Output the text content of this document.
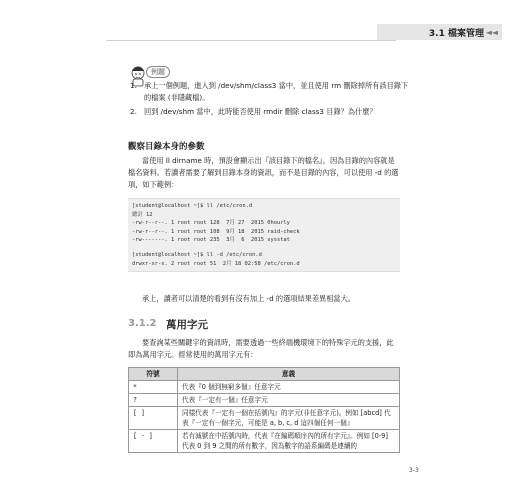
3.1 檔案管理 ◄◄
例題
1. 承上一個例題，進入到 /dev/shm/class3 當中，並且使用 rm 刪除掉所有該目錄下的檔案 (非隱藏檔)。
2. 回到 /dev/shm 當中，此時能否使用 rmdir 刪除 class3 目錄？為什麼？
觀察目錄本身的參數

當使用 ll dirname 時，預設會顯示出『該目錄下的檔名』，因為目錄的內容就是檔名資料。若讀者需要了解到目錄本身的資訊，而不是目錄的內容，可以使用 -d 的選項，如下範例：

[student@localhost ~]$ ll /etc/cron.d
總計 12
-rw-r--r--. 1 root root 128  7月 27  2015 0hourly
-rw-r--r--. 1 root root 108  9月 18  2015 raid-check
-rw-------. 1 root root 235  3月  6  2015 sysstat
[student@localhost ~]$ ll -d /etc/cron.d
drwxr-xr-x. 2 root root 51  2月 18 02:58 /etc/cron.d

承上，讀者可以清楚的看到有沒有加上 -d 的選項結果差異相當大。

3.1.2 萬用字元

要查詢某些關鍵字的資訊時，需要透過一些終端機環境下的特殊字元的支援，此即為萬用字元。經常使用的萬用字元有：

符號	意義
*	代表『0 個到無窮多個』任意字元
?	代表『一定有一個』任意字元
[ ]	同樣代表『一定有一個在括號內』的字元(非任意字元)。例如 [abcd] 代表『一定有一個字元，可能是 a, b, c, d 這四個任何一個』
[ - ]	若有減號在中括號內時，代表『在編碼順序內的所有字元』。例如 [0-9] 代表 0 到 9 之間的所有數字，因為數字的語系編碼是連續的
3-3
